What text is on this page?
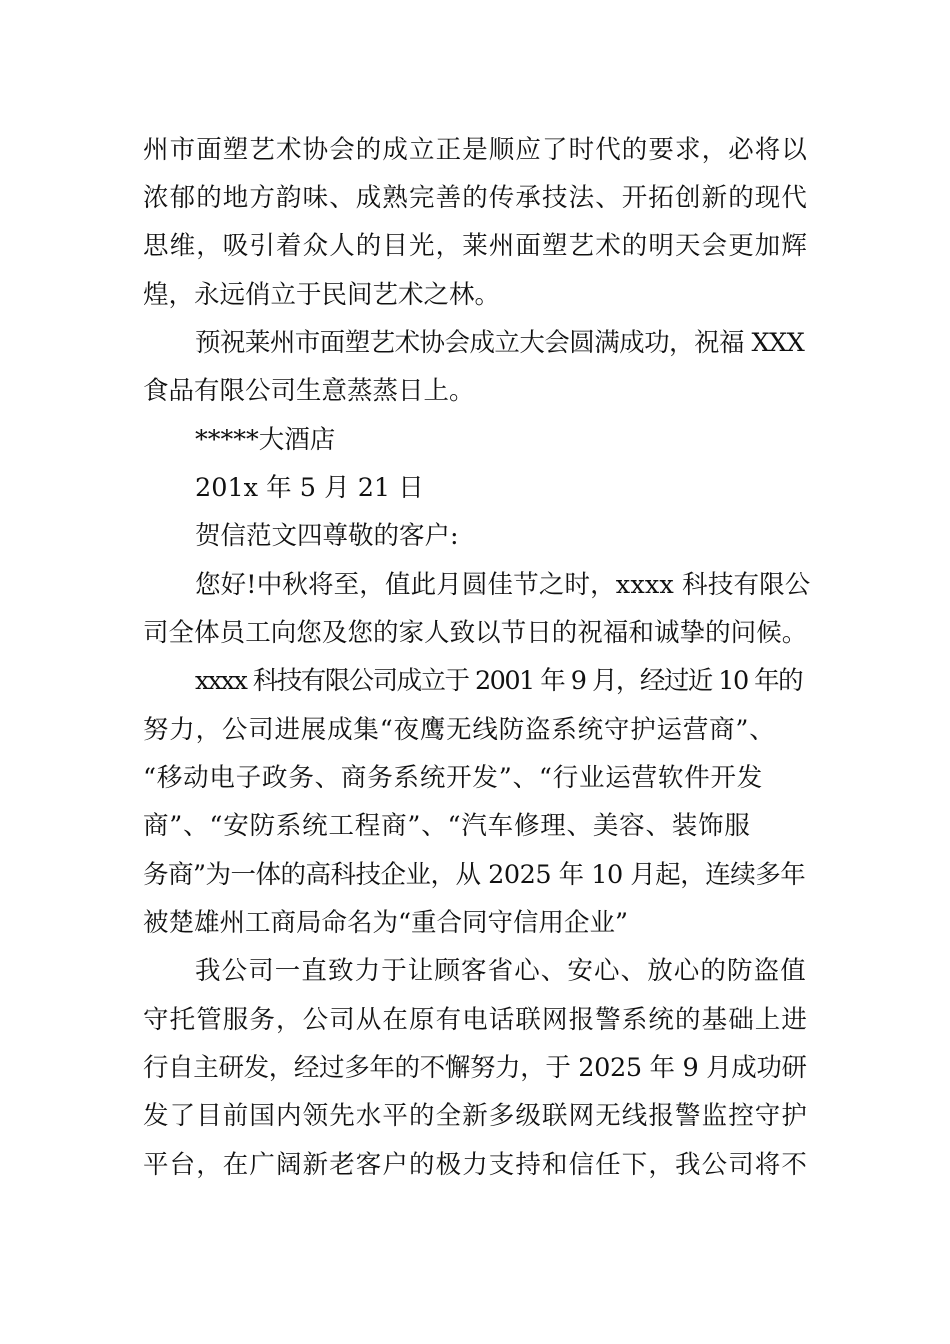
州市面塑艺术协会的成立正是顺应了时代的要求，必将以
浓郁的地方韵味、成熟完善的传承技法、开拓创新的现代
思维，吸引着众人的目光，莱州面塑艺术的明天会更加辉
煌，永远俏立于民间艺术之林。
预祝莱州市面塑艺术协会成立大会圆满成功，祝福 XXX
食品有限公司生意蒸蒸日上。
*****大酒店
201x 年 5 月 21 日
贺信范文四尊敬的客户:
您好!中秋将至，值此月圆佳节之时，xxxx 科技有限公
司全体员工向您及您的家人致以节日的祝福和诚挚的问候。
xxxx 科技有限公司成立于 2001 年 9 月，经过近 10 年的
努力，公司进展成集“夜鹰无线防盗系统守护运营商”、
“移动电子政务、商务系统开发”、“行业运营软件开发
商”、“安防系统工程商”、“汽车修理、美容、装饰服
务商”为一体的高科技企业，从 2025 年 10 月起，连续多年
被楚雄州工商局命名为“重合同守信用企业”
我公司一直致力于让顾客省心、安心、放心的防盗值
守托管服务，公司从在原有电话联网报警系统的基础上进
行自主研发，经过多年的不懈努力，于 2025 年 9 月成功研
发了目前国内领先水平的全新多级联网无线报警监控守护
平台，在广阔新老客户的极力支持和信任下，我公司将不
